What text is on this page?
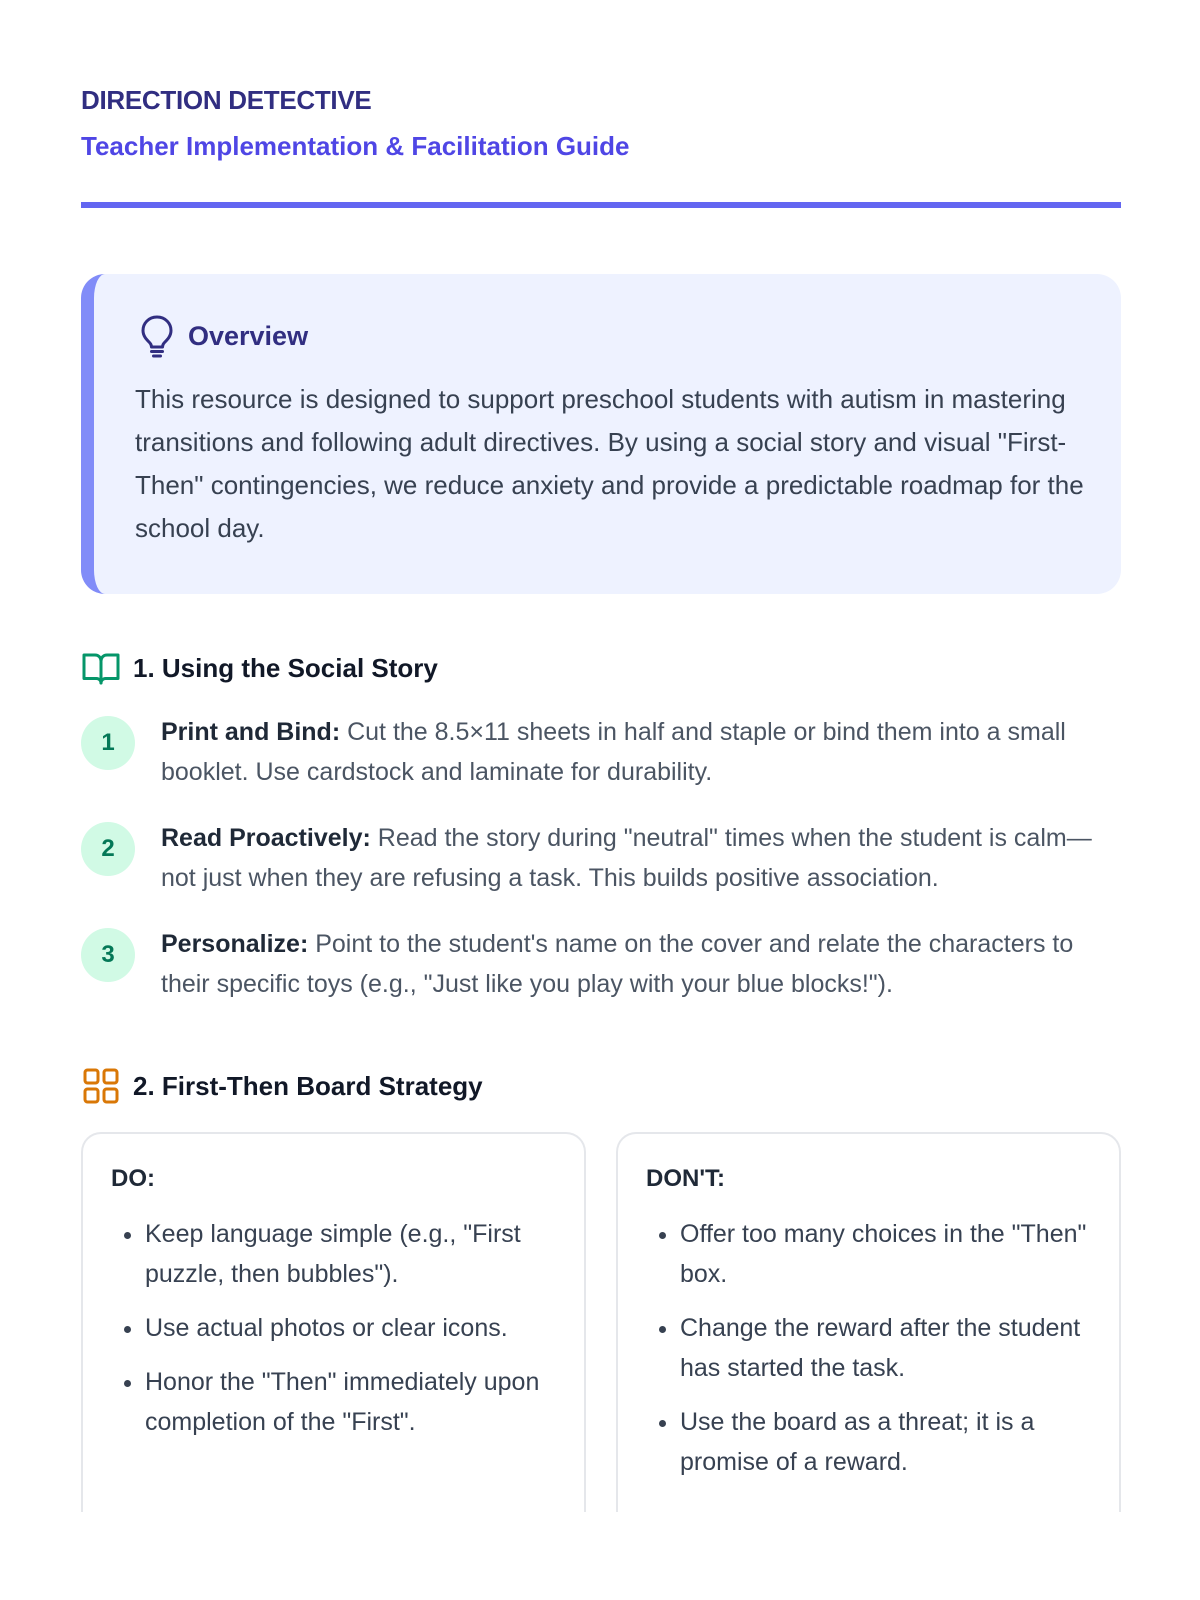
DIRECTION DETECTIVE
Teacher Implementation & Facilitation Guide
Overview
This resource is designed to support preschool students with autism in mastering transitions and following adult directives. By using a social story and visual "First-Then" contingencies, we reduce anxiety and provide a predictable roadmap for the school day.
1. Using the Social Story
1	Print and Bind: Cut the 8.5×11 sheets in half and staple or bind them into a small booklet. Use cardstock and laminate for durability.
2	Read Proactively: Read the story during "neutral" times when the student is calm—not just when they are refusing a task. This builds positive association.
3	Personalize: Point to the student's name on the cover and relate the characters to their specific toys (e.g., "Just like you play with your blue blocks!").
2. First-Then Board Strategy
DO:
• Keep language simple (e.g., "First puzzle, then bubbles").
• Use actual photos or clear icons.
• Honor the "Then" immediately upon completion of the "First".
DON'T:
• Offer too many choices in the "Then" box.
• Change the reward after the student has started the task.
• Use the board as a threat; it is a promise of a reward.
